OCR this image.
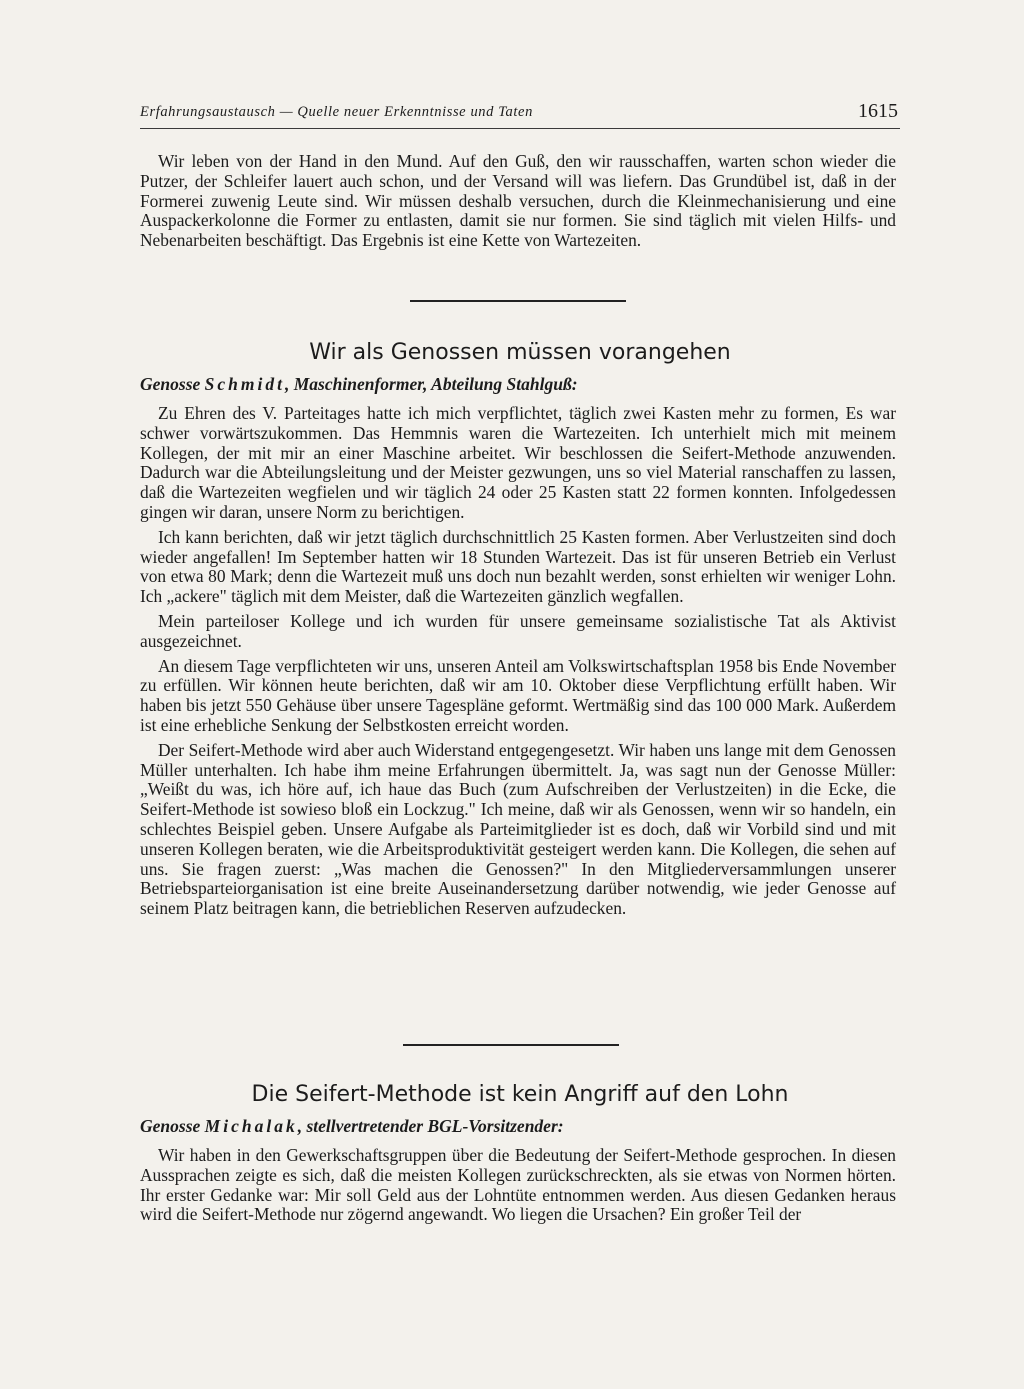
Erfahrungsaustausch — Quelle neuer Erkenntnisse und Taten	1615

Wir leben von der Hand in den Mund. Auf den Guß, den wir rausschaffen, warten schon wieder die Putzer, der Schleifer lauert auch schon, und der Versand will was liefern. Das Grundübel ist, daß in der Formerei zuwenig Leute sind. Wir müssen deshalb versuchen, durch die Kleinmechanisierung und eine Auspackerkolonne die Former zu entlasten, damit sie nur formen. Sie sind täglich mit vielen Hilfs- und Nebenarbeiten beschäftigt. Das Ergebnis ist eine Kette von Wartezeiten.

Wir als Genossen müssen vorangehen
Genosse Schmidt, Maschinenformer, Abteilung Stahlguß:

Zu Ehren des V. Parteitages hatte ich mich verpflichtet, täglich zwei Kasten mehr zu formen, Es war schwer vorwärtszukommen. Das Hemmnis waren die Wartezeiten. Ich unterhielt mich mit meinem Kollegen, der mit mir an einer Maschine arbeitet. Wir beschlossen die Seifert-Methode anzuwenden. Dadurch war die Abteilungsleitung und der Meister gezwungen, uns so viel Material ranschaffen zu lassen, daß die Wartezeiten wegfielen und wir täglich 24 oder 25 Kasten statt 22 formen konnten. Infolgedessen gingen wir daran, unsere Norm zu berichtigen.

Ich kann berichten, daß wir jetzt täglich durchschnittlich 25 Kasten formen. Aber Verlustzeiten sind doch wieder angefallen! Im September hatten wir 18 Stunden Wartezeit. Das ist für unseren Betrieb ein Verlust von etwa 80 Mark; denn die Wartezeit muß uns doch nun bezahlt werden, sonst erhielten wir weniger Lohn. Ich „ackere" täglich mit dem Meister, daß die Wartezeiten gänzlich wegfallen.

Mein parteiloser Kollege und ich wurden für unsere gemeinsame sozialistische Tat als Aktivist ausgezeichnet.

An diesem Tage verpflichteten wir uns, unseren Anteil am Volkswirtschaftsplan 1958 bis Ende November zu erfüllen. Wir können heute berichten, daß wir am 10. Oktober diese Verpflichtung erfüllt haben. Wir haben bis jetzt 550 Gehäuse über unsere Tagespläne geformt. Wertmäßig sind das 100 000 Mark. Außerdem ist eine erhebliche Senkung der Selbstkosten erreicht worden.

Der Seifert-Methode wird aber auch Widerstand entgegengesetzt. Wir haben uns lange mit dem Genossen Müller unterhalten. Ich habe ihm meine Erfahrungen übermittelt. Ja, was sagt nun der Genosse Müller: „Weißt du was, ich höre auf, ich haue das Buch (zum Aufschreiben der Verlustzeiten) in die Ecke, die Seifert-Methode ist sowieso bloß ein Lockzug." Ich meine, daß wir als Genossen, wenn wir so handeln, ein schlechtes Beispiel geben. Unsere Aufgabe als Parteimitglieder ist es doch, daß wir Vorbild sind und mit unseren Kollegen beraten, wie die Arbeitsproduktivität gesteigert werden kann. Die Kollegen, die sehen auf uns. Sie fragen zuerst: „Was machen die Genossen?" In den Mitgliederversammlungen unserer Betriebsparteiorganisation ist eine breite Auseinandersetzung darüber notwendig, wie jeder Genosse auf seinem Platz beitragen kann, die betrieblichen Reserven aufzudecken.

Die Seifert-Methode ist kein Angriff auf den Lohn
Genosse Michalak, stellvertretender BGL-Vorsitzender:

Wir haben in den Gewerkschaftsgruppen über die Bedeutung der Seifert-Methode gesprochen. In diesen Aussprachen zeigte es sich, daß die meisten Kollegen zurückschreckten, als sie etwas von Normen hörten. Ihr erster Gedanke war: Mir soll Geld aus der Lohntüte entnommen werden. Aus diesen Gedanken heraus wird die Seifert-Methode nur zögernd angewandt. Wo liegen die Ursachen? Ein großer Teil der
